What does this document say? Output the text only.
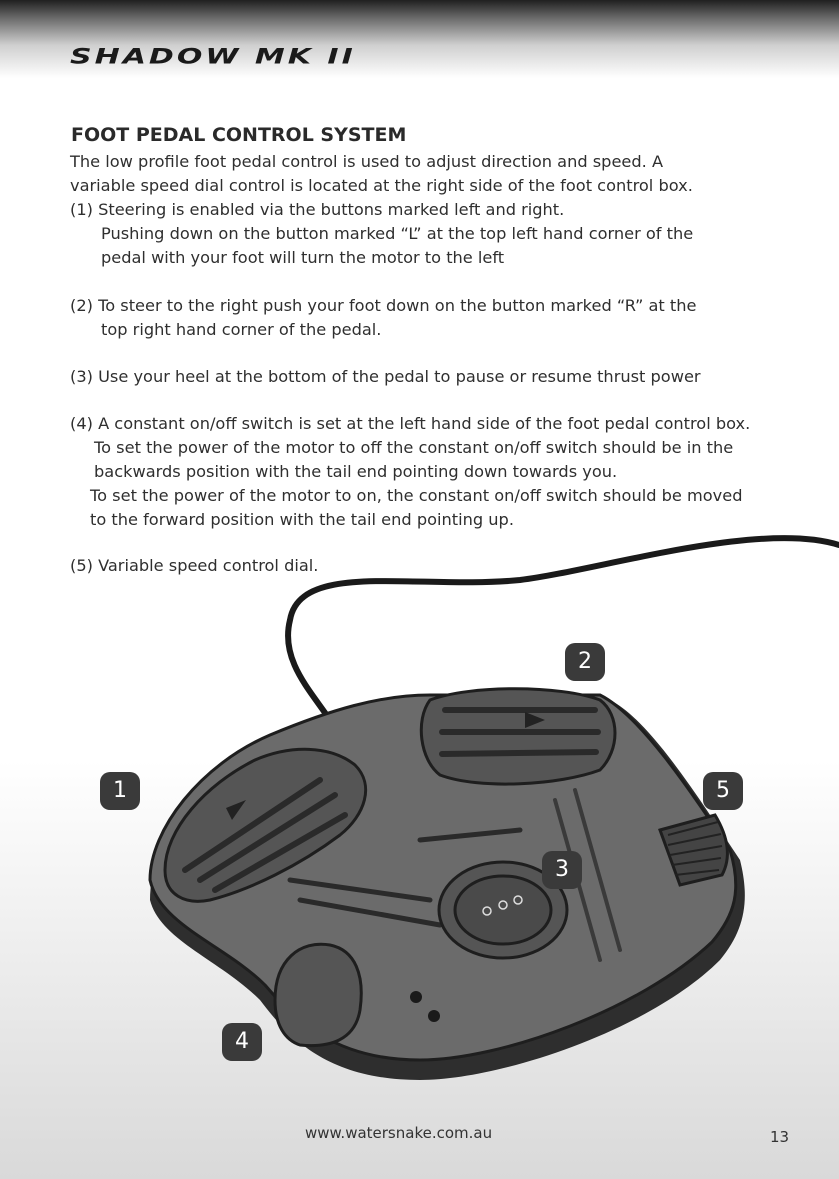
SHADOW MK II
FOOT PEDAL CONTROL SYSTEM
The low profile foot pedal control is used to adjust direction and speed. A
variable speed dial control is located at the right side of the foot control box.
(1) Steering is enabled via the buttons marked left and right.
Pushing down on the button marked “L” at the top left hand corner of the
pedal with your foot will turn the motor to the left
(2) To steer to the right push your foot down on the button marked “R” at the
top right hand corner of the pedal.
(3) Use your heel at the bottom of the pedal to pause or resume thrust power
(4) A constant on/off switch is set at the left hand side of the foot pedal control box.
To set the power of the motor to off the constant on/off switch should be in the
backwards position with the tail end pointing down towards you.
To set the power of the motor to on, the constant on/off switch should be moved
to the forward position with the tail end pointing up.
(5) Variable speed control dial.
1
2
3
4
5
www.watersnake.com.au	13
